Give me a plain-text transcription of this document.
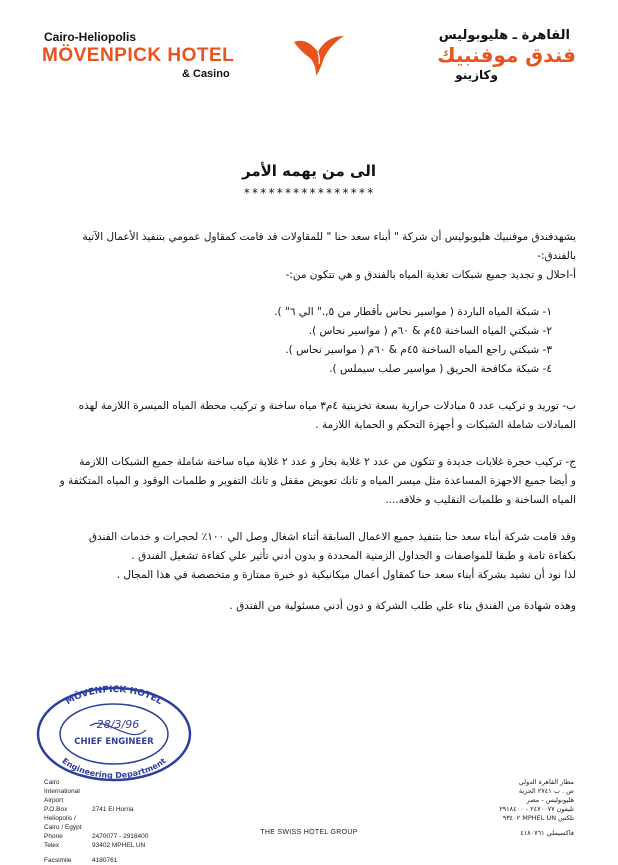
Cairo-Heliopolis
MÖVENPICK HOTEL
& Casino
القاهرة ـ هليوبوليس
فندق موفنبيك
وكازينو
الى من يهمه الأمر
****************

يشهدفندق موفنبيك هليوبوليس أن شركة " أبناء سعد حنا " للمقاولات قد قامت كمقاول عمومي بتنفيذ الأعمال الآتية

بالفندق:-

أ-احلال و تجديد جميع شبكات تغذية المياه بالفندق و هي تتكون من:-

١- شبكة المياه الباردة ( مواسير نحاس بأقطار من ٥,." الي ٦" ).

٢- شبكتي المياه الساخنة ٤٥م & ٦٠م ( مواسير نحاس ).

٣- شبكتي راجع المياه الساخنة ٤٥م & ٦٠م ( مواسير نحاس ).

٤- شبكة مكافحة الحريق ( مواسير صلب سيملس ).

ب- توريد و تركيب عدد ٥ مبادلات حرارية بسعة تخزينية ٤م٣ مياه ساخنة و تركيب محطة المياه الميسرة اللازمة لهذه

المبادلات شاملة الشبكات و أجهزة التحكم و الحماية اللازمة .

ج- تركيب حجرة غلايات جديدة و تتكون من عدد ٢ غلاية بخار و عدد ٢ غلاية مياه ساخنة شاملة جميع الشبكات اللازمة

و أيضا جميع الاجهزة المساعدة مثل ميسر المياه و تانك تعويض مقفل و تانك التفوير و طلمبات الوقود و المياه المتكثفة و

المياه الساخنة و طلمبات التقليب و خلافه....

وقد قامت شركة أبناء سعد حنا بتنفيذ جميع الاعمال السابقة أثناء اشغال وصل الي ١٠٠٪ لحجرات و خدمات الفندق

بكفاءة تامة و طبقا للمواصفات و الجداول الزمنية المحددة و بدون أدني تأثير علي كفاءة تشغيل الفندق .

لذا نود أن نشيد بشركة أبناء سعد حنا كمقاول أعمال ميكانيكية ذو خبرة ممتازة و متخصصة في هذا المجال .

وهذه شهادة من الفندق بناء علي طلب الشركة و دون أدني مسئولية من الفندق .

MÖVENPICK HOTEL
Engineering Department
28/3/96
CHIEF ENGINEER
Cairo International Airport
P.O.Box	2741 El Horria
Heliopolis / Cairo / Egypt
Phone	2470077 - 2918400
Telex	93402 MPHEL UN
Facsimile	4180761
THE SWISS HOTEL GROUP
مطار القاهرة الدولي
ص . ب ٢٧٤١ الحرية
هليوبوليس - مصر
تليفون ٢٤٧٠٠٧٧ - ٢٩١٨٤٠٠
تلكس MPHEL UN ٩٣٤٠٢
فاكسيملي ٤١٨٠٧٦١
